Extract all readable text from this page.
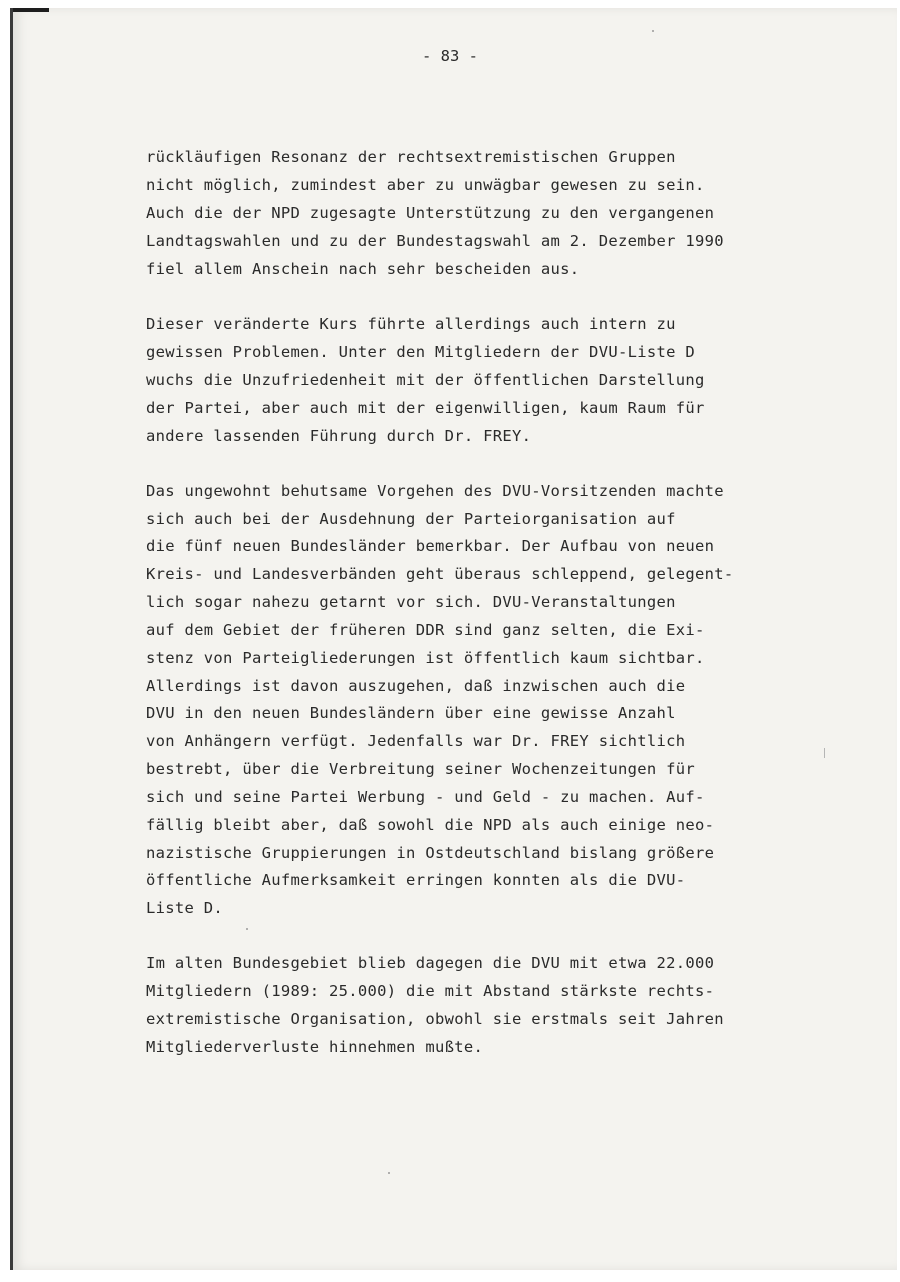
- 83 -

rückläufigen Resonanz der rechtsextremistischen Gruppen

nicht möglich, zumindest aber zu unwägbar gewesen zu sein.

Auch die der NPD zugesagte Unterstützung zu den vergangenen

Landtagswahlen und zu der Bundestagswahl am 2. Dezember 1990

fiel allem Anschein nach sehr bescheiden aus.

Dieser veränderte Kurs führte allerdings auch intern zu

gewissen Problemen. Unter den Mitgliedern der DVU-Liste D

wuchs die Unzufriedenheit mit der öffentlichen Darstellung

der Partei, aber auch mit der eigenwilligen, kaum Raum für

andere lassenden Führung durch Dr. FREY.

Das ungewohnt behutsame Vorgehen des DVU-Vorsitzenden machte

sich auch bei der Ausdehnung der Parteiorganisation auf

die fünf neuen Bundesländer bemerkbar. Der Aufbau von neuen

Kreis- und Landesverbänden geht überaus schleppend, gelegent-

lich sogar nahezu getarnt vor sich. DVU-Veranstaltungen

auf dem Gebiet der früheren DDR sind ganz selten, die Exi-

stenz von Parteigliederungen ist öffentlich kaum sichtbar.

Allerdings ist davon auszugehen, daß inzwischen auch die

DVU in den neuen Bundesländern über eine gewisse Anzahl

von Anhängern verfügt. Jedenfalls war Dr. FREY sichtlich

bestrebt, über die Verbreitung seiner Wochenzeitungen für

sich und seine Partei Werbung - und Geld - zu machen. Auf-

fällig bleibt aber, daß sowohl die NPD als auch einige neo-

nazistische Gruppierungen in Ostdeutschland bislang größere

öffentliche Aufmerksamkeit erringen konnten als die DVU-

Liste D.

Im alten Bundesgebiet blieb dagegen die DVU mit etwa 22.000

Mitgliedern (1989: 25.000) die mit Abstand stärkste rechts-

extremistische Organisation, obwohl sie erstmals seit Jahren

Mitgliederverluste hinnehmen mußte.
